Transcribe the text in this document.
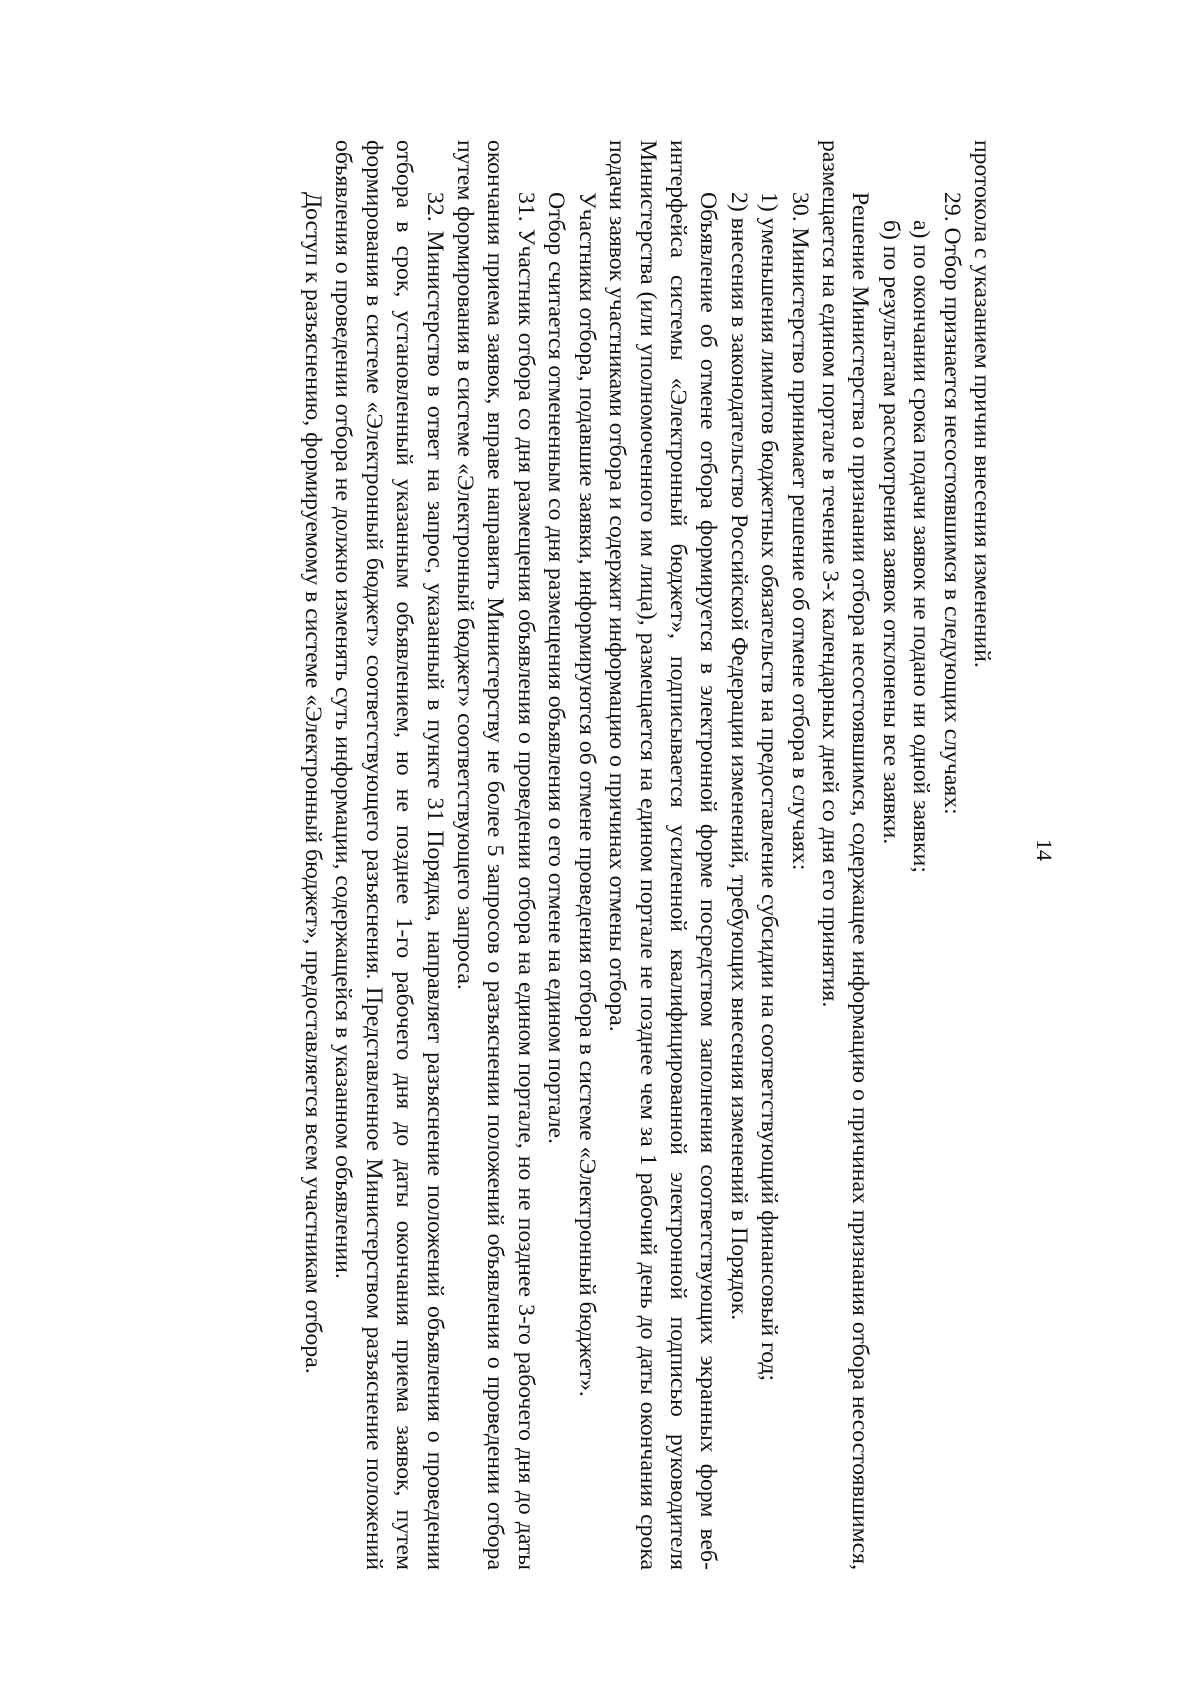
14

протокола с указанием причин внесения изменений.

29. Отбор признается несостоявшимся в следующих случаях:

а) по окончании срока подачи заявок не подано ни одной заявки;

б) по результатам рассмотрения заявок отклонены все заявки.

Решение Министерства о признании отбора несостоявшимся, содержащее информацию о причинах признания отбора несостоявшимся, размещается на едином портале в течение 3-х календарных дней со дня его принятия.

30. Министерство принимает решение об отмене отбора в случаях:

1) уменьшения лимитов бюджетных обязательств на предоставление субсидии на соответствующий финансовый год;

2) внесения в законодательство Российской Федерации изменений, требующих внесения изменений в Порядок.

Объявление об отмене отбора формируется в электронной форме посредством заполнения соответствующих экранных форм веб-интерфейса системы «Электронный бюджет», подписывается усиленной квалифицированной электронной подписью руководителя Министерства (или уполномоченного им лица), размещается на едином портале не позднее чем за 1 рабочий день до даты окончания срока подачи заявок участниками отбора и содержит информацию о причинах отмены отбора.

Участники отбора, подавшие заявки, информируются об отмене проведения отбора в системе «Электронный бюджет».

Отбор считается отмененным со дня размещения объявления о его отмене на едином портале.

31. Участник отбора со дня размещения объявления о проведении отбора на едином портале, но не позднее 3-го рабочего дня до даты окончания приема заявок, вправе направить Министерству не более 5 запросов о разъяснении положений объявления о проведении отбора путем формирования в системе «Электронный бюджет» соответствующего запроса.

32. Министерство в ответ на запрос, указанный в пункте 31 Порядка, направляет разъяснение положений объявления о проведении отбора в срок, установленный указанным объявлением, но не позднее 1-го рабочего дня до даты окончания приема заявок, путем формирования в системе «Электронный бюджет» соответствующего разъяснения. Представленное Министерством разъяснение положений объявления о проведении отбора не должно изменять суть информации, содержащейся в указанном объявлении.

Доступ к разъяснению, формируемому в системе «Электронный бюджет», предоставляется всем участникам отбора.
